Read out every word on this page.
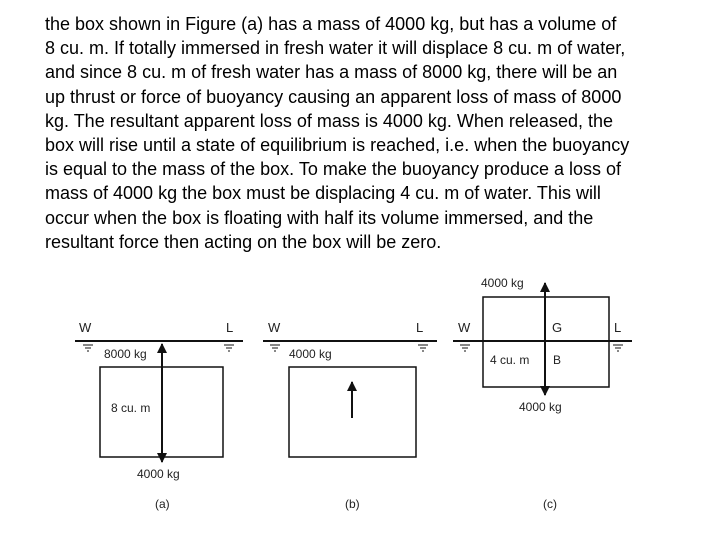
the box shown in Figure (a) has a mass of 4000 kg, but has a volume of
8 cu. m. If totally immersed in fresh water it will displace 8 cu. m of water,
and since 8 cu. m of fresh water has a mass of 8000 kg, there will be an
up thrust or force of buoyancy causing an apparent loss of mass of 8000
kg. The resultant apparent loss of mass is 4000 kg. When released, the
box will rise until a state of equilibrium is reached, i.e. when the buoyancy
is equal to the mass of the box. To make the buoyancy produce a loss of
mass of 4000 kg the box must be displacing 4 cu. m of water. This will
occur when the box is floating with half its volume immersed, and the
resultant force then acting on the box will be zero.
W	L
8000 kg
8 cu. m
4000 kg
(a)
W	L
4000 kg
(b)
4000 kg
W	G	L
4 cu. m B
4000 kg
(c)
